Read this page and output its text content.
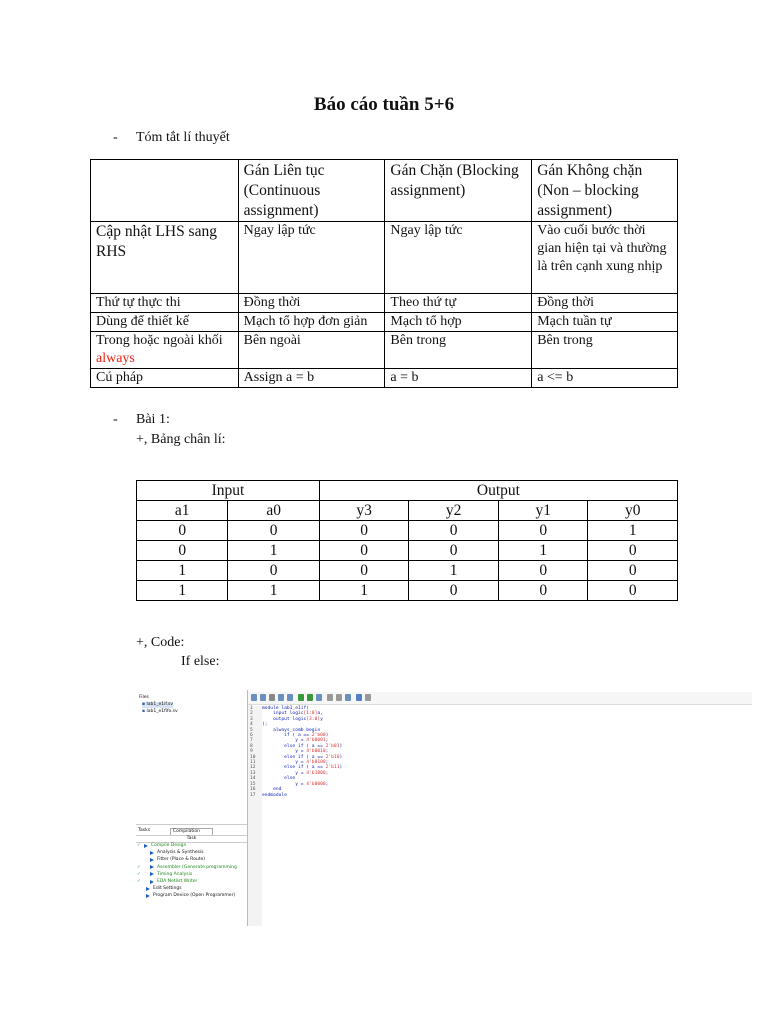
Báo cáo tuần 5+6
- Tóm tắt lí thuyết
	Gán Liên tục (Continuous assignment)	Gán Chặn (Blocking assignment)	Gán Không chặn (Non – blocking assignment)
Cập nhật LHS sang RHS	Ngay lập tức	Ngay lập tức	Vào cuối bước thời gian hiện tại và thường là trên cạnh xung nhịp
Thứ tự thực thi	Đồng thời	Theo thứ tự	Đồng thời
Dùng để thiết kế	Mạch tổ hợp đơn giản	Mạch tổ hợp	Mạch tuần tự
Trong hoặc ngoài khối always	Bên ngoài	Bên trong	Bên trong
Cú pháp	Assign a = b	a = b	a <= b
- Bài 1:
+, Bảng chân lí:
Input		Output			
a1	a0	y3	y2	y1	y0
0	0	0	0	0	1
0	1	0	0	1	0
1	0	0	1	0	0
1	1	1	0	0	0
+, Code:
If else:
Files
▪ lab1_e1if.sv
▪ lab1_e1fifo.sv
Tasks	Compilation
Task
✓ Compile Design
Analysis & Synthesis
Fitter (Place & Route)
✓	Assembler (Generate programming
✓	Timing Analysis
✓	EDA Netlist Writer
Edit Settings
Program Device (Open Programmer)
1
2
3
4
5
6
7
8
9
10
11
12
13
14
15
16
17
module lab1_e1if(
input logic[1:0]a,
output logic[3:0]y
);
always_comb begin
if ( a == 2'b00)
y = 4'b0001;
else if ( a == 2'b01)
y = 4'b0010;
else if ( a == 2'b10)
y = 4'b0100;
else if ( a == 2'b11)
y = 4'b1000;
else
y = 4'b0000;
end
endmodule
